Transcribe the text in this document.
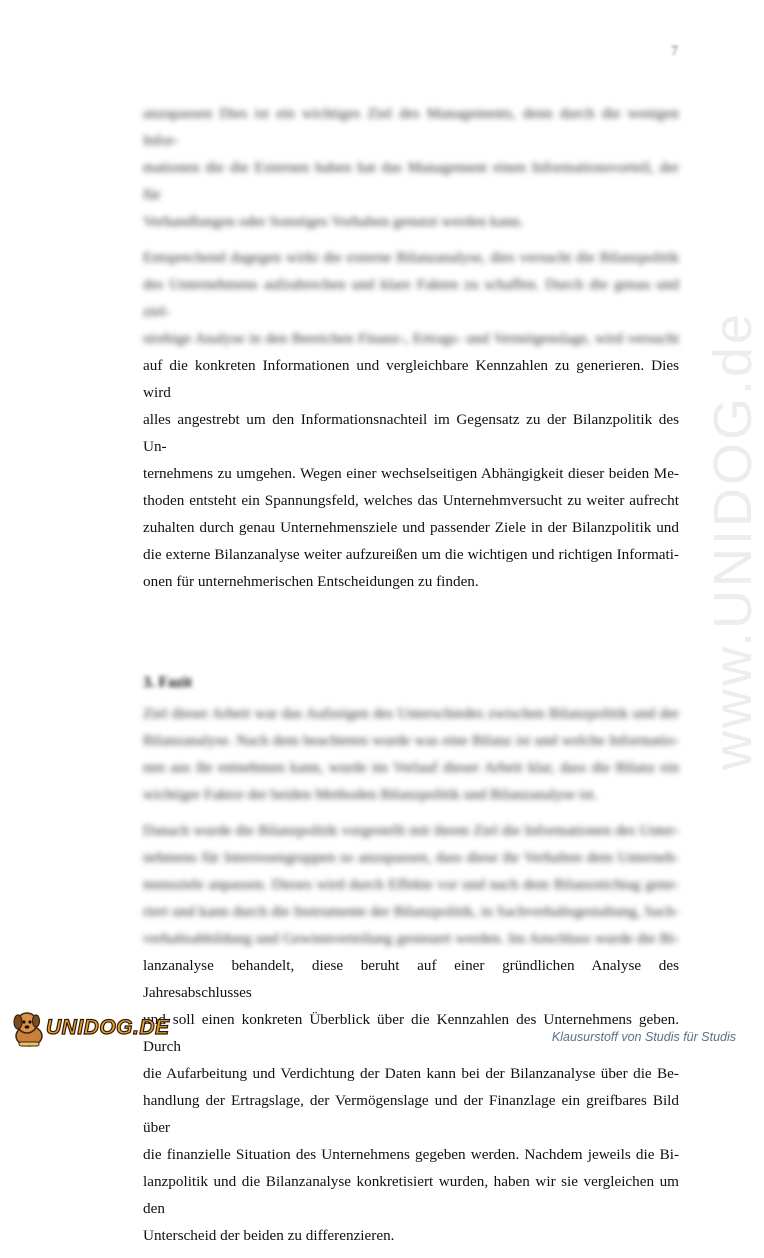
7
anzupassen Dies ist ein wichtiges Ziel des Managements, denn durch die wenigen Infor-
mationen die die Externen haben hat das Management einen Informationsvorteil, der für
Verhandlungen oder Sonstiges Vorhaben genutzt werden kann.
Entsprechend dagegen wirkt die externe Bilanzanalyse, dies versucht die Bilanzpolitik
des Unternehmens aufzubrechen und klare Fakten zu schaffen. Durch die genau und ziel-
strebige Analyse in den Bereichen Finanz-, Ertrags- und Vermögenslage, wird versucht
auf die konkreten Informationen und vergleichbare Kennzahlen zu generieren. Dies wird
alles angestrebt um den Informationsnachteil im Gegensatz zu der Bilanzpolitik des Un-
ternehmens zu umgehen. Wegen einer wechselseitigen Abhängigkeit dieser beiden Me-
thoden entsteht ein Spannungsfeld, welches das Unternehmversucht zu weiter aufrecht
zuhalten durch genau Unternehmensziele und passender Ziele in der Bilanzpolitik und
die externe Bilanzanalyse weiter aufzureißen um die wichtigen und richtigen Informati-
onen für unternehmerischen Entscheidungen zu finden.
3. Fazit
Ziel dieser Arbeit war das Aufzeigen des Unterschiedes zwischen Bilanzpolitik und der
Bilanzanalyse. Nach dem beachteten wurde was eine Bilanz ist und welche Informatio-
nen aus ihr entnehmen kann, wurde im Verlauf dieser Arbeit klar, dass die Bilanz ein
wichtiger Faktor der beiden Methoden Bilanzpolitik und Bilanzanalyse ist.
Danach wurde die Bilanzpolitik vorgestellt mit ihrem Ziel die Informationen des Unter-
nehmens für Interessengruppen so anzupassen, dass diese ihr Verhalten dem Unterneh-
mensziele anpassen. Dieses wird durch Effekte vor und nach dem Bilanzstichtag gene-
riert und kann durch die Instrumente der Bilanzpolitik, in Sachverhaltsgestaltung, Sach-
verhaltsabbildung und Gewinnverteilung gesteuert werden. Im Anschluss wurde die Bi-
lanzanalyse behandelt, diese beruht auf einer gründlichen Analyse des Jahresabschlusses
und soll einen konkreten Überblick über die Kennzahlen des Unternehmens geben. Durch
die Aufarbeitung und Verdichtung der Daten kann bei der Bilanzanalyse über die Be-
handlung der Ertragslage, der Vermögenslage und der Finanzlage ein greifbares Bild über
die finanzielle Situation des Unternehmens gegeben werden. Nachdem jeweils die Bi-
lanzpolitik und die Bilanzanalyse konkretisiert wurden, haben wir sie vergleichen um den
Unterscheid der beiden zu differenzieren.
www.UNIDOG.de
UNIDOG.DE	Klausurstoff von Studis für Studis
